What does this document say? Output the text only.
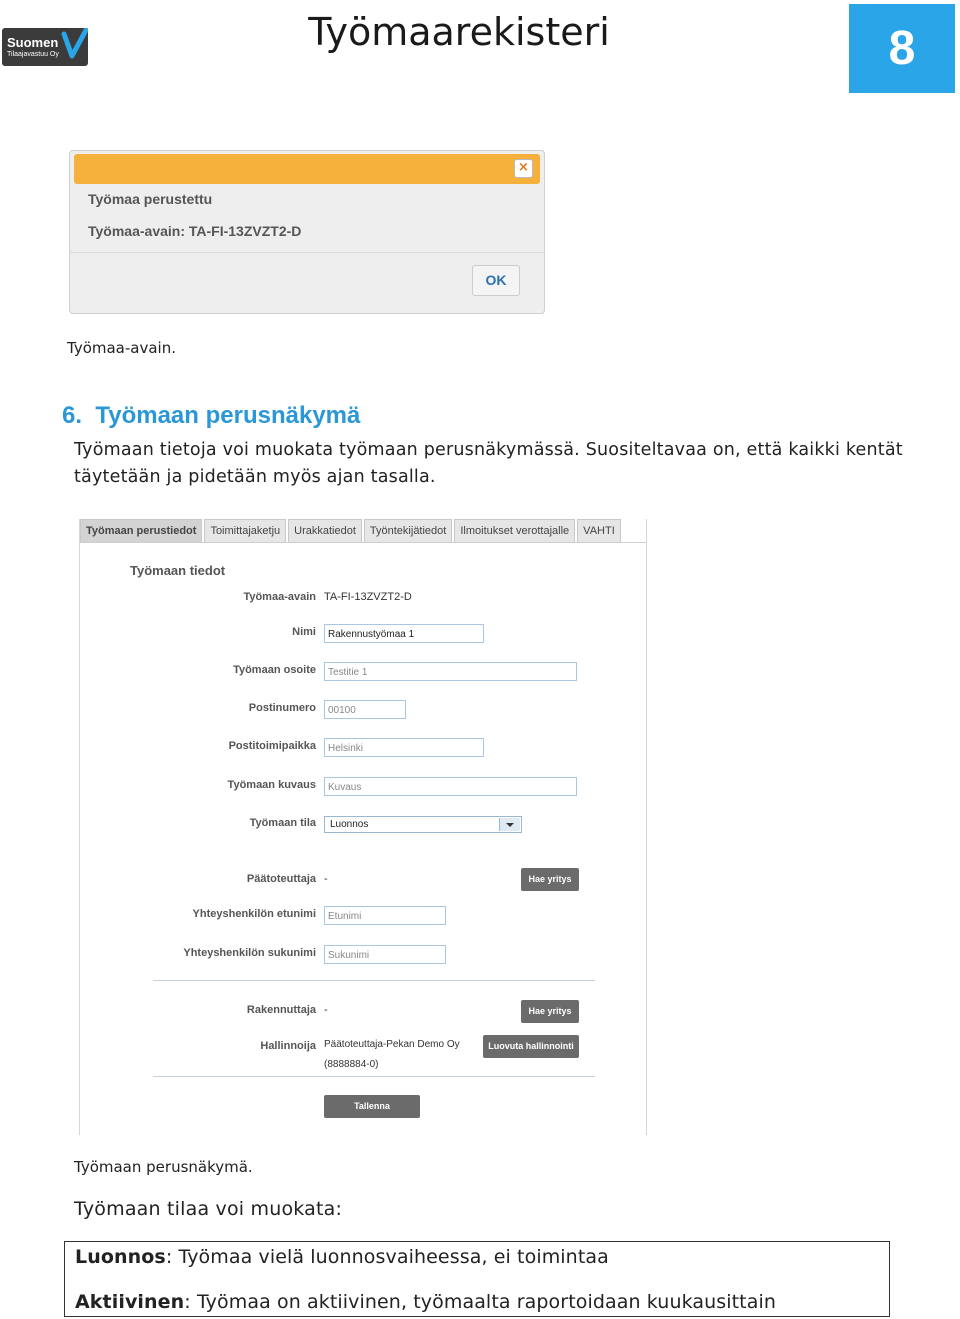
Suomen
Tilaajavastuu Oy
Työmaarekisteri	8
×
Työmaa perustettu
Työmaa-avain: TA-FI-13ZVZT2-D
OK
Työmaa-avain.
6. Työmaan perusnäkymä
Työmaan tietoja voi muokata työmaan perusnäkymässä. Suositeltavaa on, että kaikki kentät täytetään ja pidetään myös ajan tasalla.
Työmaan perustiedot	Toimittajaketju	Urakkatiedot	Työntekijätiedot	Ilmoitukset verottajalle	VAHTI
Työmaan tiedot
Työmaa-avain TA-FI-13ZVZT2-D
Nimi	Rakennustyömaa 1
Työmaan osoite	Testitie 1
Postinumero	00100
Postitoimipaikka	Helsinki
Työmaan kuvaus	Kuvaus
Työmaan tila	Luonnos
Päätoteuttaja -	Hae yritys
Yhteyshenkilön etunimi	Etunimi
Yhteyshenkilön sukunimi	Sukunimi
Rakennuttaja -	Hae yritys
Hallinnoija Päätoteuttaja-Pekan Demo Oy
(8888884-0)
Luovuta hallinnointi
Tallenna
Työmaan perusnäkymä.
Työmaan tilaa voi muokata:
Luonnos: Työmaa vielä luonnosvaiheessa, ei toimintaa
Aktiivinen: Työmaa on aktiivinen, työmaalta raportoidaan kuukausittain
